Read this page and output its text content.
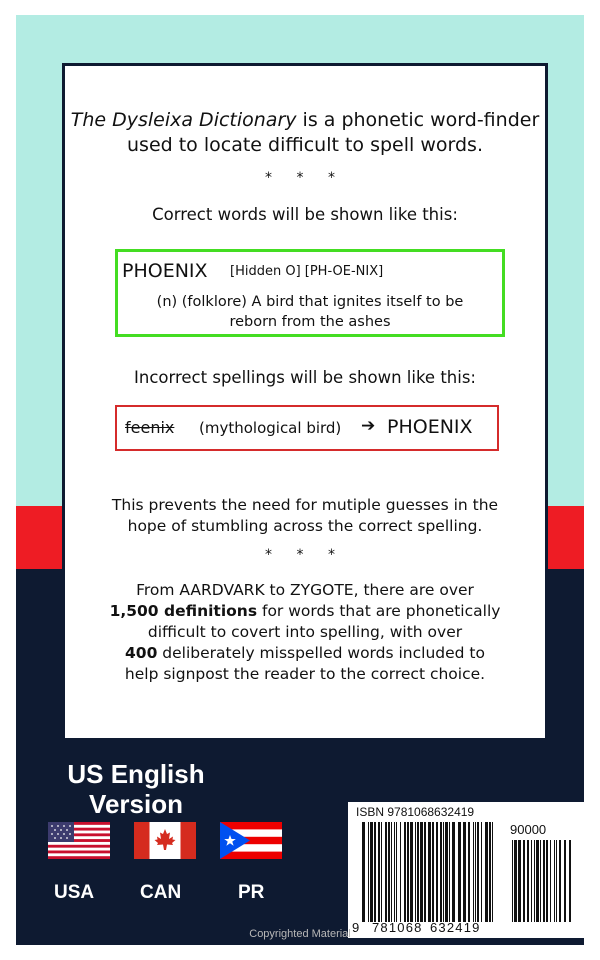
The Dysleixa Dictionary is a phonetic word-finder
used to locate difficult to spell words.
* * *
Correct words will be shown like this:
PHOENIX [Hidden O] [PH-OE-NIX]
(n) (folklore) A bird that ignites itself to be
reborn from the ashes
Incorrect spellings will be shown like this:
feenix (mythological bird) ➔ PHOENIX
This prevents the need for mutiple guesses in the
hope of stumbling across the correct spelling.
* * *
From AARDVARK to ZYGOTE, there are over
1,500 definitions for words that are phonetically
difficult to covert into spelling, with over
400 deliberately misspelled words included to
help signpost the reader to the correct choice.
US English
Version
USA CAN	PR
ISBN 9781068632419
90000
9 781068 632419
Copyrighted Material
